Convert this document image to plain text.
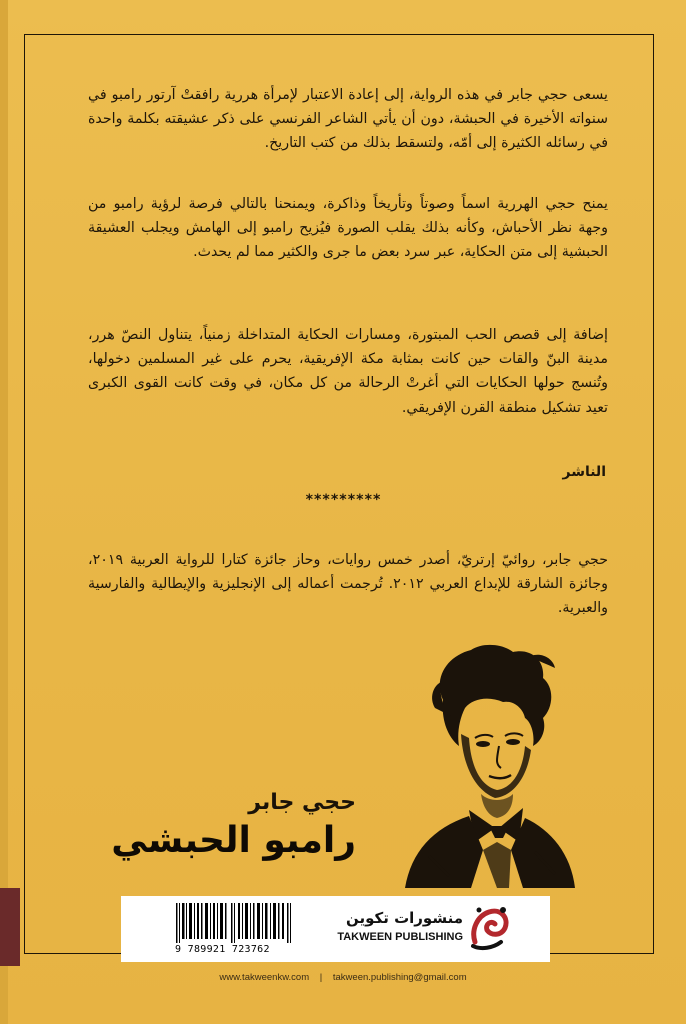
يسعى حجي جابر في هذه الرواية، إلى إعادة الاعتبار لإمرأة هررية رافقتْ آرتور رامبو في سنواته الأخيرة في الحبشة، دون أن يأتي الشاعر الفرنسي على ذكر عشيقته بكلمة واحدة في رسائله الكثيرة إلى أمّه، ولتسقط بذلك من كتب التاريخ.

يمنح حجي الهررية اسماً وصوتاً وتأريخاً وذاكرة، ويمنحنا بالتالي فرصة لرؤية رامبو من وجهة نظر الأحباش، وكأنه بذلك يقلب الصورة فيُزيح رامبو إلى الهامش ويجلب العشيقة الحبشية إلى متن الحكاية، عبر سرد بعض ما جرى والكثير مما لم يحدث.

إضافة إلى قصص الحب المبتورة، ومسارات الحكاية المتداخلة زمنياً، يتناول النصّ هرر، مدينة البنّ والقات حين كانت بمثابة مكة الإفريقية، يحرم على غير المسلمين دخولها، وتُنسج حولها الحكايات التي أغرتْ الرحالة من كل مكان، في وقت كانت القوى الكبرى تعيد تشكيل منطقة القرن الإفريقي.

الناشر
*********

حجي جابر، روائيّ إرتريّ، أصدر خمس روايات، وحاز جائزة كتارا للرواية العربية ٢٠١٩، وجائزة الشارقة للإبداع العربي ٢٠١٢. تُرجمت أعماله إلى الإنجليزية والإيطالية والفارسية والعبرية.

حجي جابر
رامبو الحبشي
9 789921 723762
منشورات تكوين
TAKWEEN PUBLISHING
www.takweenkw.com | takween.publishing@gmail.com
